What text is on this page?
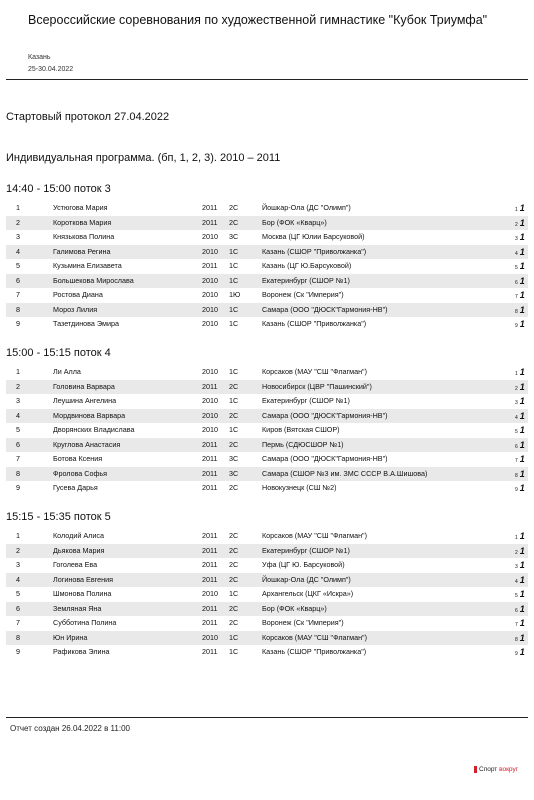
Всероссийские соревнования по художественной гимнастике "Кубок Триумфа"
Казань
25-30.04.2022
Стартовый протокол 27.04.2022
Индивидуальная программа. (бп, 1, 2, 3). 2010 – 2011
14:40 - 15:00 поток 3
1	Устюгова Мария	2011 2С	Йошкар-Ола (ДС "Олимп")	1 1
2	Короткова Мария	2011 2С	Бор (ФОК «Кварц»)	2 1
3	Князькова Полина	2010 3С	Москва (ЦГ Юлии Барсуковой)	3 1
4	Галимова Регина	2010 1С	Казань (СШОР "Приволжанка")	4 1
5	Кузьмина Елизавета	2011 1С	Казань (ЦГ Ю.Барсуковой)	5 1
6	Большекова Мирослава	2010 1С	Екатеринбург (СШОР №1)	6 1
7	Ростова Диана	2010 1Ю	Воронеж (Ск "Империя")	7 1
8	Мороз Лилия	2010 1С	Самара (ООО "ДЮСК"Гармония-НВ")	8 1
9	Тазетдинова Эмира	2010 1С	Казань (СШОР "Приволжанка")	9 1
15:00 - 15:15 поток 4
1	Ли Алла	2010 1С	Корсаков (МАУ "СШ "Флагман")	1 1
2	Головина Варвара	2011 2С	Новосибирск (ЦВР "Пашинский")	2 1
3	Леушина Ангелина	2010 1С	Екатеринбург (СШОР №1)	3 1
4	Мордвинова Варвара	2010 2С	Самара (ООО "ДЮСК"Гармония-НВ")	4 1
5	Дворянских Владислава	2010 1С	Киров (Вятская СШОР)	5 1
6	Круглова Анастасия	2011 2С	Пермь (СДЮСШОР №1)	6 1
7	Ботова Ксения	2011 3С	Самара (ООО "ДЮСК"Гармония-НВ")	7 1
8	Фролова Софья	2011 3С	Самара (СШОР №3 им. ЗМС СССР В.А.Шишова)	8 1
9	Гусева Дарья	2011 2С	Новокузнецк (СШ №2)	9 1
15:15 - 15:35 поток 5
1	Колодий Алиса	2011 2С	Корсаков (МАУ "СШ "Флагман")	1 1
2	Дьякова Мария	2011 2С	Екатеринбург (СШОР №1)	2 1
3	Гоголева Ева	2011 2С	Уфа (ЦГ Ю. Барсуковой)	3 1
4	Логинова Евгения	2011 2С	Йошкар-Ола (ДС "Олимп")	4 1
5	Шмонова Полина	2010 1С	Архангельск (ЦКГ «Искра»)	5 1
6	Земляная Яна	2011 2С	Бор (ФОК «Кварц»)	6 1
7	Субботина Полина	2011 2С	Воронеж (Ск "Империя")	7 1
8	Юн Ирина	2010 1С	Корсаков (МАУ "СШ "Флагман")	8 1
9	Рафикова Элина	2011 1С	Казань (СШОР "Приволжанка")	9 1
Отчет создан 26.04.2022 в 11:00
Спорт вокруг
